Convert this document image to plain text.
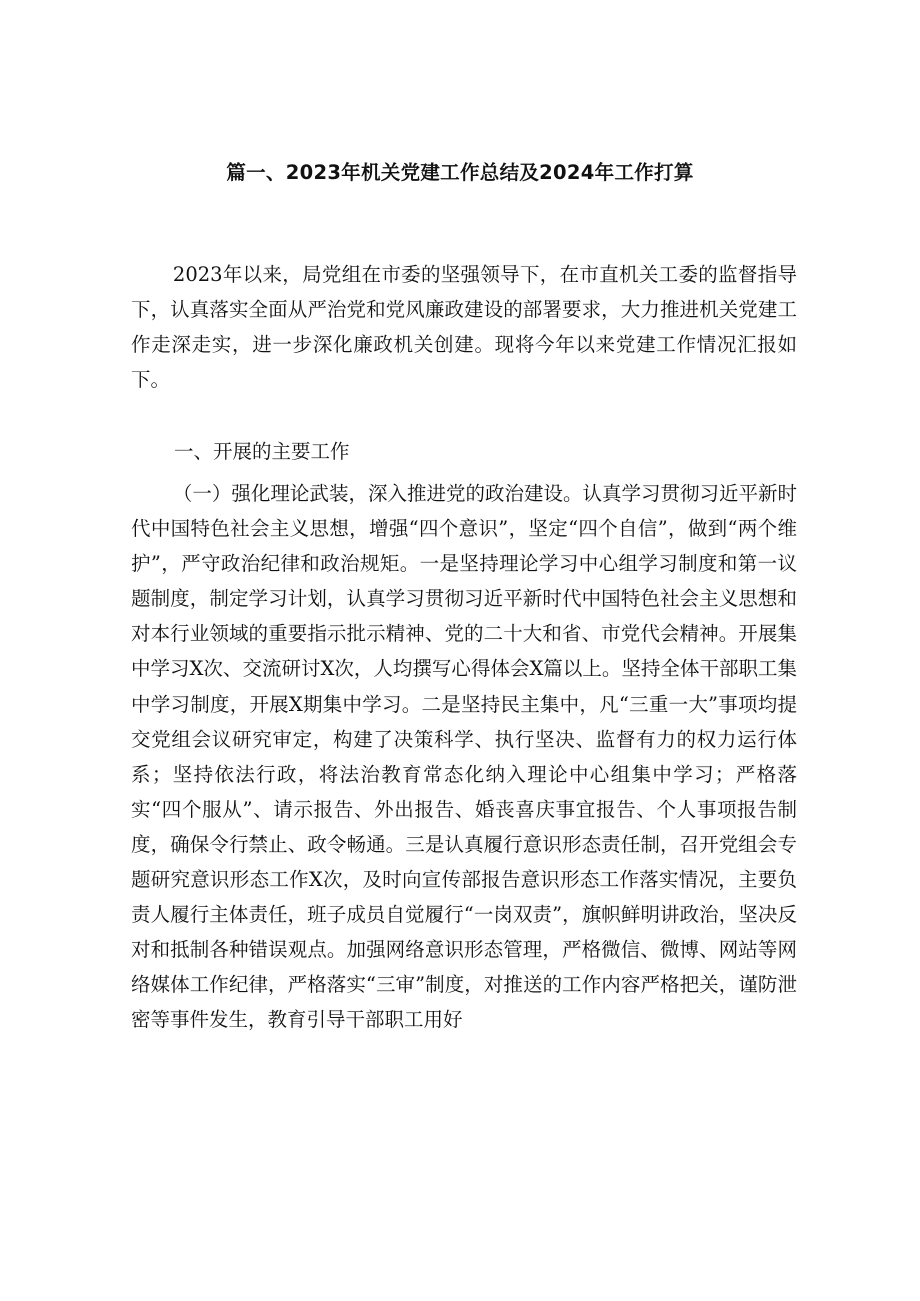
篇一、2023年机关党建工作总结及2024年工作打算

2023年以来，局党组在市委的坚强领导下，在市直机关工委的监督指导下，认真落实全面从严治党和党风廉政建设的部署要求，大力推进机关党建工作走深走实，进一步深化廉政机关创建。现将今年以来党建工作情况汇报如下。

一、开展的主要工作

（一）强化理论武装，深入推进党的政治建设。认真学习贯彻习近平新时代中国特色社会主义思想，增强“四个意识”，坚定“四个自信”，做到“两个维护”，严守政治纪律和政治规矩。一是坚持理论学习中心组学习制度和第一议题制度，制定学习计划，认真学习贯彻习近平新时代中国特色社会主义思想和对本行业领域的重要指示批示精神、党的二十大和省、市党代会精神。开展集中学习X次、交流研讨X次，人均撰写心得体会X篇以上。坚持全体干部职工集中学习制度，开展X期集中学习。二是坚持民主集中，凡“三重一大”事项均提交党组会议研究审定，构建了决策科学、执行坚决、监督有力的权力运行体系；坚持依法行政，将法治教育常态化纳入理论中心组集中学习；严格落实“四个服从”、请示报告、外出报告、婚丧喜庆事宜报告、个人事项报告制度，确保令行禁止、政令畅通。三是认真履行意识形态责任制，召开党组会专题研究意识形态工作X次，及时向宣传部报告意识形态工作落实情况，主要负责人履行主体责任，班子成员自觉履行“一岗双责”，旗帜鲜明讲政治，坚决反对和抵制各种错误观点。加强网络意识形态管理，严格微信、微博、网站等网络媒体工作纪律，严格落实“三审”制度，对推送的工作内容严格把关，谨防泄密等事件发生，教育引导干部职工用好
